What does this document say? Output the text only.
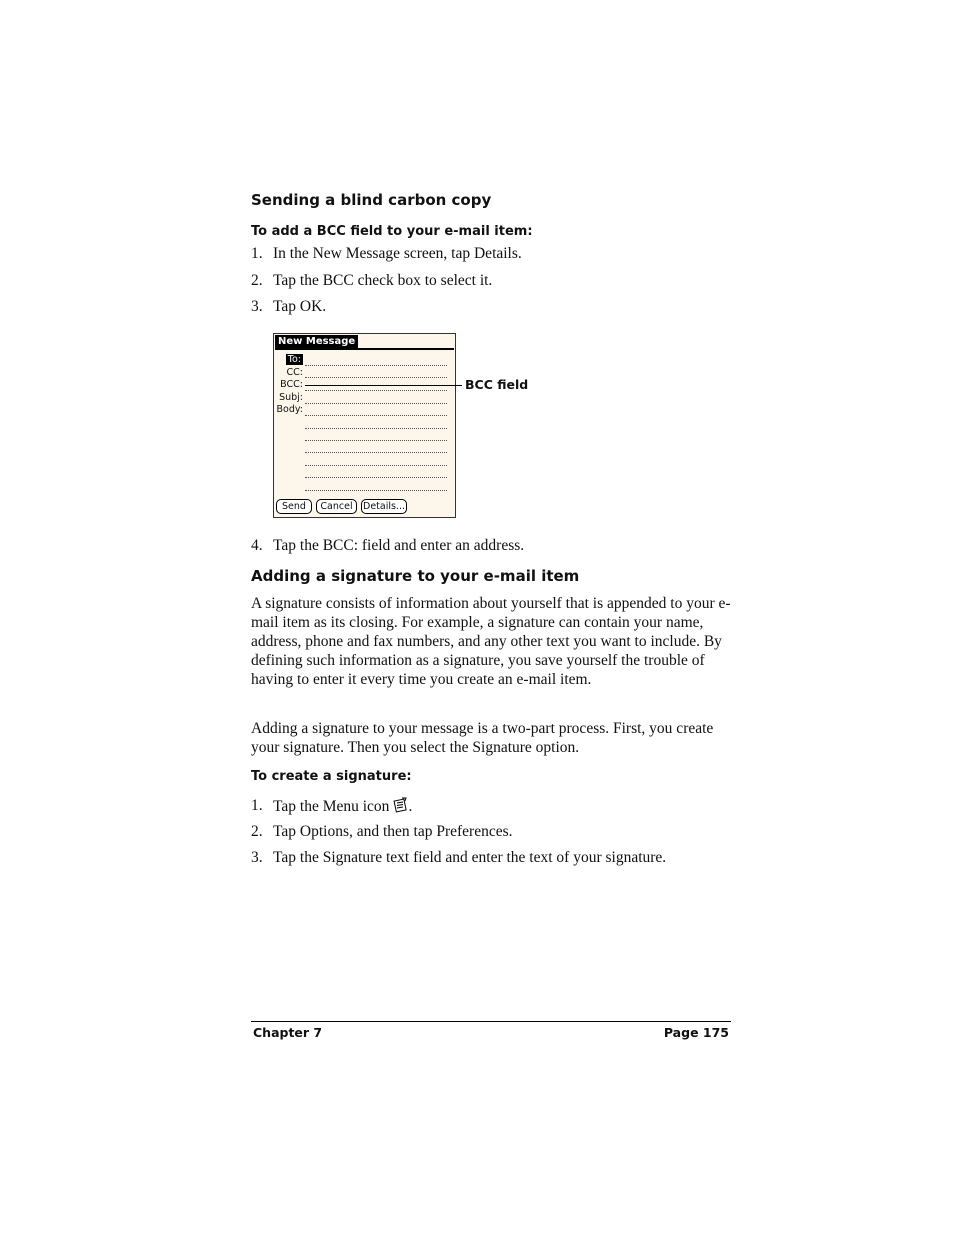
Sending a blind carbon copy
To add a BCC field to your e-mail item:
1. In the New Message screen, tap Details.
2. Tap the BCC check box to select it.
3. Tap OK.
New Message
To:
CC:
BCC:
Subj:
Body:
Send	Cancel	Details...
BCC field
4. Tap the BCC: field and enter an address.
Adding a signature to your e-mail item

A signature consists of information about yourself that is appended to your e-mail item as its closing. For example, a signature can contain your name, address, phone and fax numbers, and any other text you want to include. By defining such information as a signature, you save yourself the trouble of having to enter it every time you create an e-mail item.

Adding a signature to your message is a two-part process. First, you create your signature. Then you select the Signature option.

To create a signature:
1. Tap the Menu icon .
2. Tap Options, and then tap Preferences.
3. Tap the Signature text field and enter the text of your signature.
Chapter 7	Page 175
